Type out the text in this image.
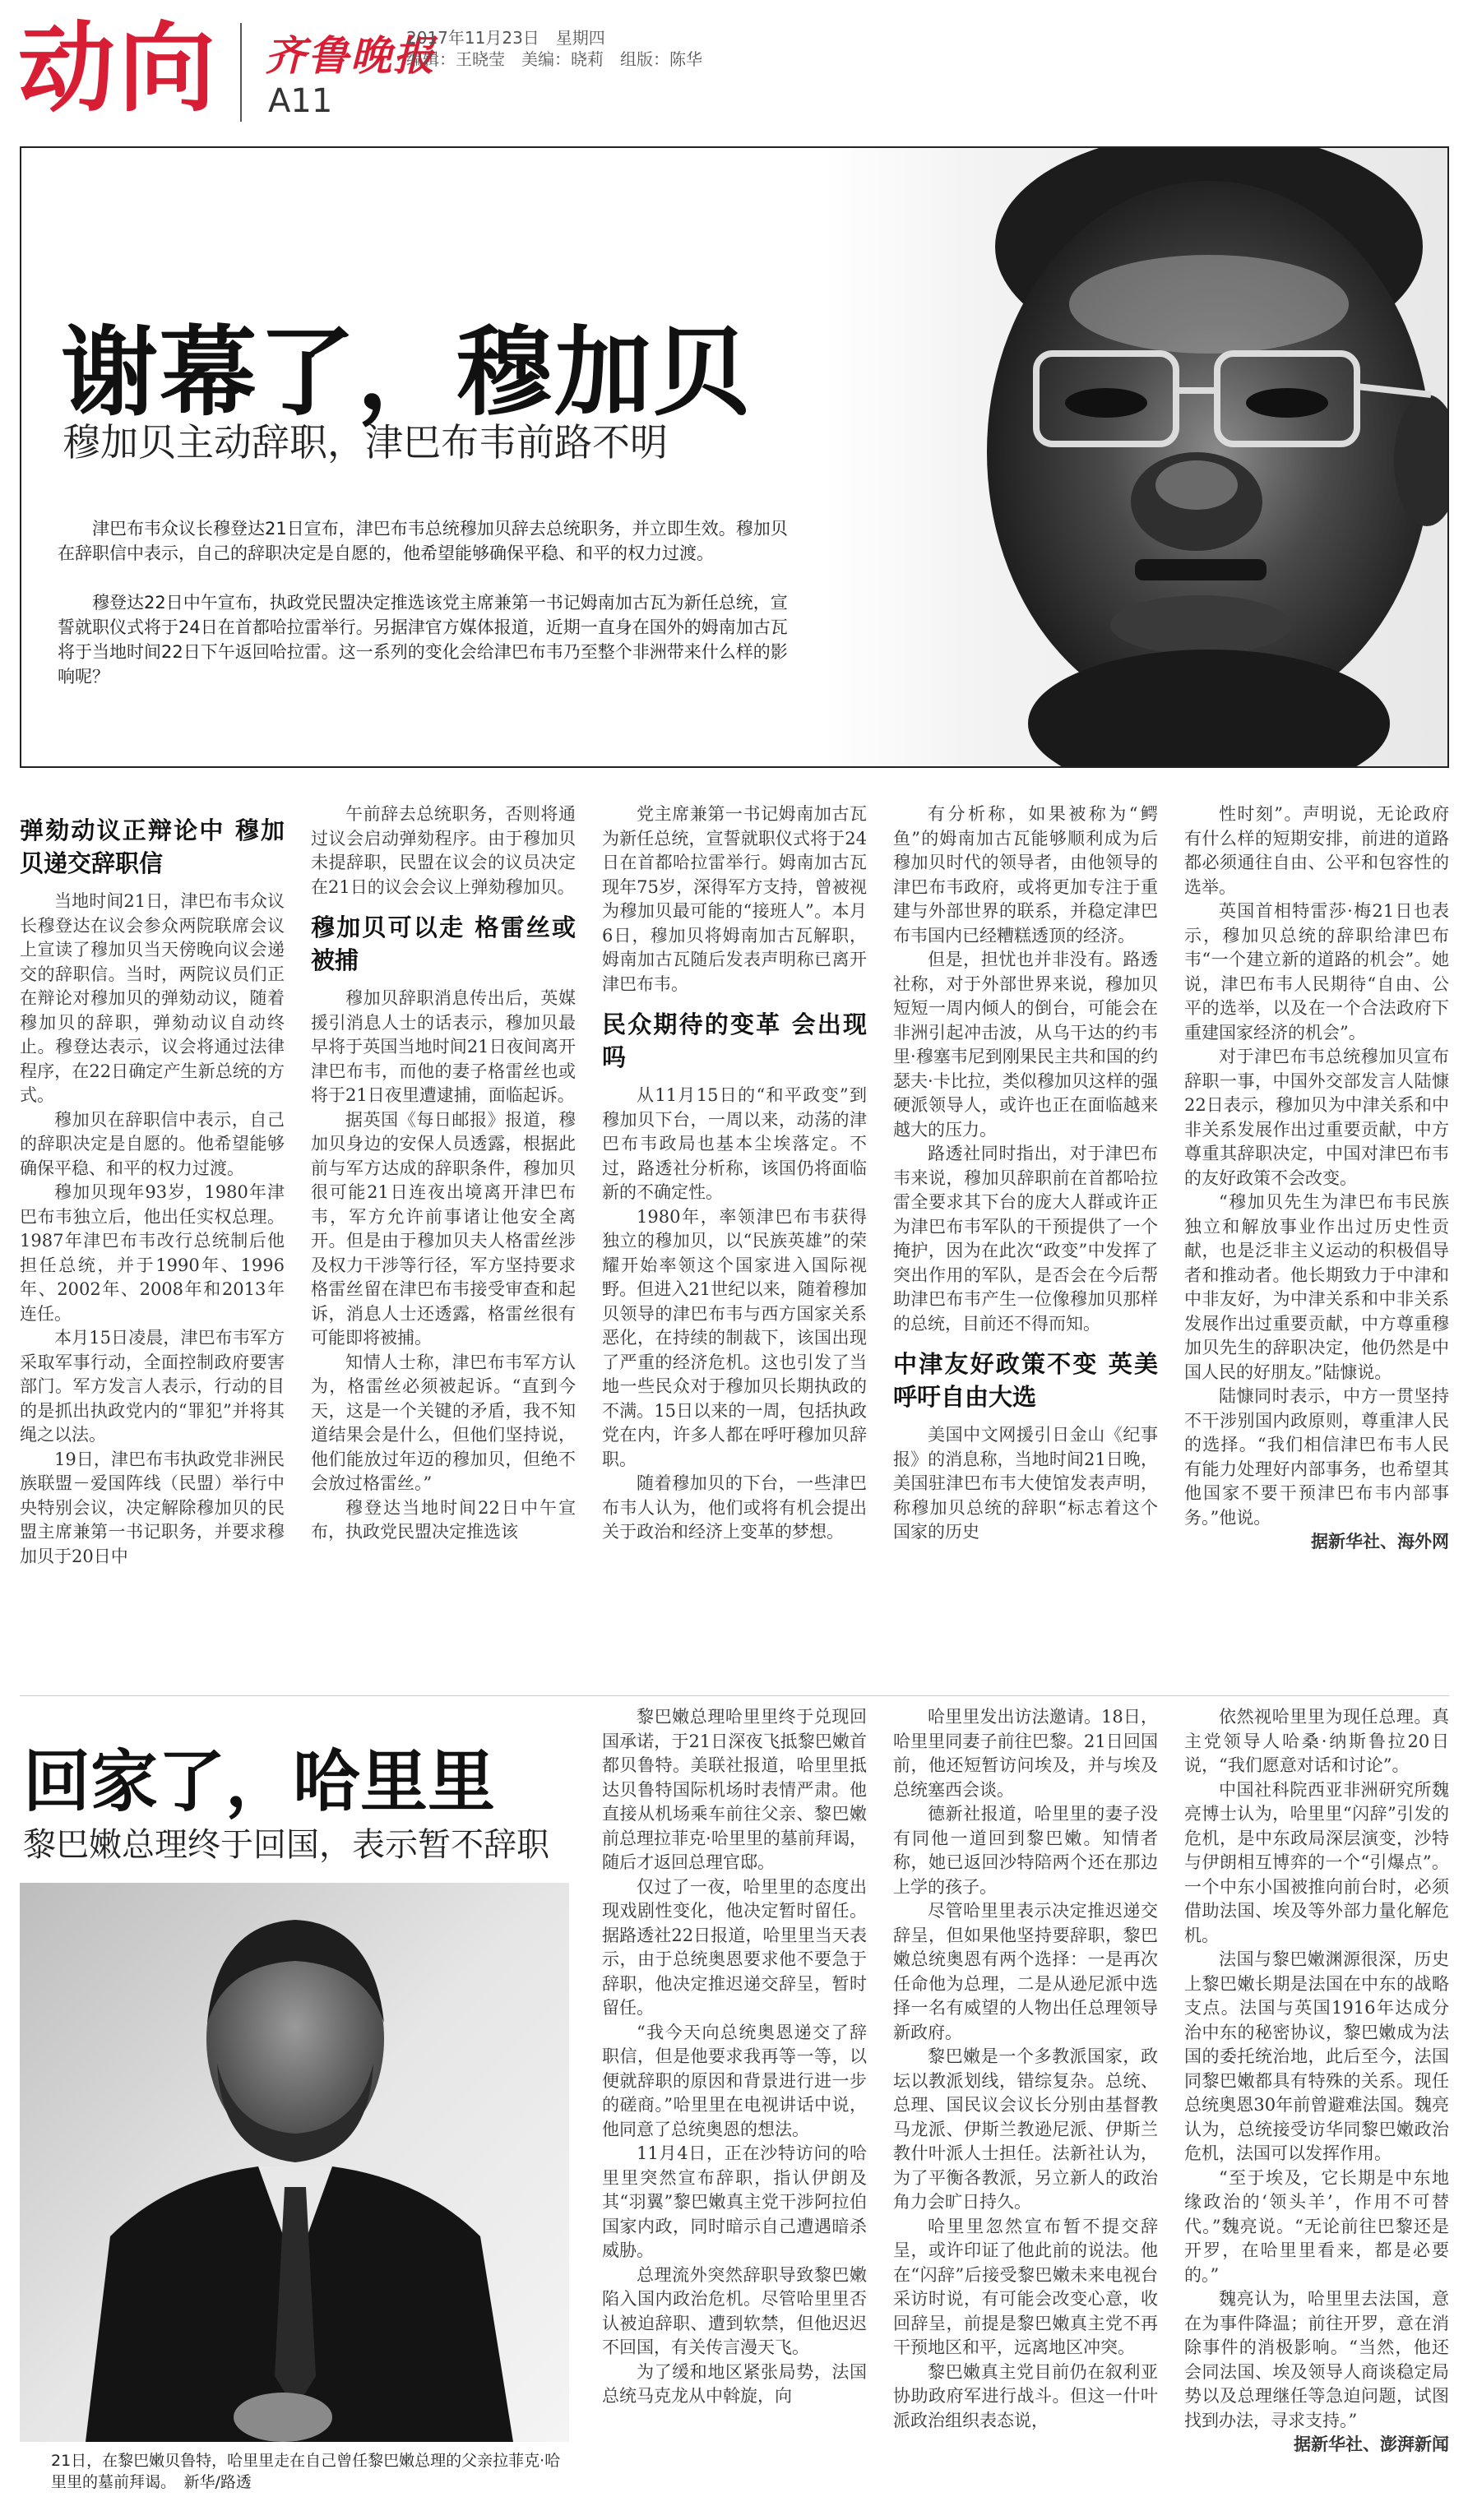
动向 齐鲁晚报
2017年11月23日　星期四
编辑：王晓莹　美编：晓莉　组版：陈华
A11
谢幕了，穆加贝
穆加贝主动辞职，津巴布韦前路不明

津巴布韦众议长穆登达21日宣布，津巴布韦总统穆加贝辞去总统职务，并立即生效。穆加贝在辞职信中表示，自己的辞职决定是自愿的，他希望能够确保平稳、和平的权力过渡。

穆登达22日中午宣布，执政党民盟决定推选该党主席兼第一书记姆南加古瓦为新任总统，宣誓就职仪式将于24日在首都哈拉雷举行。另据津官方媒体报道，近期一直身在国外的姆南加古瓦将于当地时间22日下午返回哈拉雷。这一系列的变化会给津巴布韦乃至整个非洲带来什么样的影响呢？

弹劾动议正辩论中 穆加贝递交辞职信

当地时间21日，津巴布韦众议长穆登达在议会参众两院联席会议上宣读了穆加贝当天傍晚向议会递交的辞职信。当时，两院议员们正在辩论对穆加贝的弹劾动议，随着穆加贝的辞职，弹劾动议自动终止。穆登达表示，议会将通过法律程序，在22日确定产生新总统的方式。

穆加贝在辞职信中表示，自己的辞职决定是自愿的。他希望能够确保平稳、和平的权力过渡。

穆加贝现年93岁，1980年津巴布韦独立后，他出任实权总理。1987年津巴布韦改行总统制后他担任总统，并于1990年、1996年、2002年、2008年和2013年连任。

本月15日凌晨，津巴布韦军方采取军事行动，全面控制政府要害部门。军方发言人表示，行动的目的是抓出执政党内的“罪犯”并将其绳之以法。

19日，津巴布韦执政党非洲民族联盟－爱国阵线（民盟）举行中央特别会议，决定解除穆加贝的民盟主席兼第一书记职务，并要求穆加贝于20日中

午前辞去总统职务，否则将通过议会启动弹劾程序。由于穆加贝未提辞职，民盟在议会的议员决定在21日的议会会议上弹劾穆加贝。

穆加贝可以走 格雷丝或被捕

穆加贝辞职消息传出后，英媒援引消息人士的话表示，穆加贝最早将于英国当地时间21日夜间离开津巴布韦，而他的妻子格雷丝也或将于21日夜里遭逮捕，面临起诉。

据英国《每日邮报》报道，穆加贝身边的安保人员透露，根据此前与军方达成的辞职条件，穆加贝很可能21日连夜出境离开津巴布韦，军方允许前事诸让他安全离开。但是由于穆加贝夫人格雷丝涉及权力干涉等行径，军方坚持要求格雷丝留在津巴布韦接受审查和起诉，消息人士还透露，格雷丝很有可能即将被捕。

知情人士称，津巴布韦军方认为，格雷丝必须被起诉。“直到今天，这是一个关键的矛盾，我不知道结果会是什么，但他们坚持说，他们能放过年迈的穆加贝，但绝不会放过格雷丝。”

穆登达当地时间22日中午宣布，执政党民盟决定推选该

党主席兼第一书记姆南加古瓦为新任总统，宣誓就职仪式将于24日在首都哈拉雷举行。姆南加古瓦现年75岁，深得军方支持，曾被视为穆加贝最可能的“接班人”。本月6日，穆加贝将姆南加古瓦解职，姆南加古瓦随后发表声明称已离开津巴布韦。

民众期待的变革 会出现吗

从11月15日的“和平政变”到穆加贝下台，一周以来，动荡的津巴布韦政局也基本尘埃落定。不过，路透社分析称，该国仍将面临新的不确定性。

1980年，率领津巴布韦获得独立的穆加贝，以“民族英雄”的荣耀开始率领这个国家进入国际视野。但进入21世纪以来，随着穆加贝领导的津巴布韦与西方国家关系恶化，在持续的制裁下，该国出现了严重的经济危机。这也引发了当地一些民众对于穆加贝长期执政的不满。15日以来的一周，包括执政党在内，许多人都在呼吁穆加贝辞职。

随着穆加贝的下台，一些津巴布韦人认为，他们或将有机会提出关于政治和经济上变革的梦想。

有分析称，如果被称为“鳄鱼”的姆南加古瓦能够顺利成为后穆加贝时代的领导者，由他领导的津巴布韦政府，或将更加专注于重建与外部世界的联系，并稳定津巴布韦国内已经糟糕透顶的经济。

但是，担忧也并非没有。路透社称，对于外部世界来说，穆加贝短短一周内倾人的倒台，可能会在非洲引起冲击波，从乌干达的约韦里·穆塞韦尼到刚果民主共和国的约瑟夫·卡比拉，类似穆加贝这样的强硬派领导人，或许也正在面临越来越大的压力。

路透社同时指出，对于津巴布韦来说，穆加贝辞职前在首都哈拉雷全要求其下台的庞大人群或许正为津巴布韦军队的干预提供了一个掩护，因为在此次“政变”中发挥了突出作用的军队，是否会在今后帮助津巴布韦产生一位像穆加贝那样的总统，目前还不得而知。

中津友好政策不变 英美呼吁自由大选

美国中文网援引日金山《纪事报》的消息称，当地时间21日晚，美国驻津巴布韦大使馆发表声明，称穆加贝总统的辞职“标志着这个国家的历史

性时刻”。声明说，无论政府有什么样的短期安排，前进的道路都必须通往自由、公平和包容性的选举。

英国首相特雷莎·梅21日也表示，穆加贝总统的辞职给津巴布韦“一个建立新的道路的机会”。她说，津巴布韦人民期待“自由、公平的选举，以及在一个合法政府下重建国家经济的机会”。

对于津巴布韦总统穆加贝宣布辞职一事，中国外交部发言人陆慷22日表示，穆加贝为中津关系和中非关系发展作出过重要贡献，中方尊重其辞职决定，中国对津巴布韦的友好政策不会改变。

“穆加贝先生为津巴布韦民族独立和解放事业作出过历史性贡献，也是泛非主义运动的积极倡导者和推动者。他长期致力于中津和中非友好，为中津关系和中非关系发展作出过重要贡献，中方尊重穆加贝先生的辞职决定，他仍然是中国人民的好朋友。”陆慷说。

陆慷同时表示，中方一贯坚持不干涉别国内政原则，尊重津人民的选择。“我们相信津巴布韦人民有能力处理好内部事务，也希望其他国家不要干预津巴布韦内部事务。”他说。

据新华社、海外网

回家了，哈里里
黎巴嫩总理终于回国，表示暂不辞职
21日，在黎巴嫩贝鲁特，哈里里走在自己曾任黎巴嫩总理的父亲拉菲克·哈里里的墓前拜谒。　新华/路透

黎巴嫩总理哈里里终于兑现回国承诺，于21日深夜飞抵黎巴嫩首都贝鲁特。美联社报道，哈里里抵达贝鲁特国际机场时表情严肃。他直接从机场乘车前往父亲、黎巴嫩前总理拉菲克·哈里里的墓前拜谒，随后才返回总理官邸。

仅过了一夜，哈里里的态度出现戏剧性变化，他决定暂时留任。据路透社22日报道，哈里里当天表示，由于总统奥恩要求他不要急于辞职，他决定推迟递交辞呈，暂时留任。

“我今天向总统奥恩递交了辞职信，但是他要求我再等一等，以便就辞职的原因和背景进行进一步的磋商。”哈里里在电视讲话中说，他同意了总统奥恩的想法。

11月4日，正在沙特访问的哈里里突然宣布辞职，指认伊朗及其“羽翼”黎巴嫩真主党干涉阿拉伯国家内政，同时暗示自己遭遇暗杀威胁。

总理流外突然辞职导致黎巴嫩陷入国内政治危机。尽管哈里里否认被迫辞职、遭到软禁，但他迟迟不回国，有关传言漫天飞。

为了缓和地区紧张局势，法国总统马克龙从中斡旋，向

哈里里发出访法邀请。18日，哈里里同妻子前往巴黎。21日回国前，他还短暂访问埃及，并与埃及总统塞西会谈。

德新社报道，哈里里的妻子没有同他一道回到黎巴嫩。知情者称，她已返回沙特陪两个还在那边上学的孩子。

尽管哈里里表示决定推迟递交辞呈，但如果他坚持要辞职，黎巴嫩总统奥恩有两个选择：一是再次任命他为总理，二是从逊尼派中选择一名有威望的人物出任总理领导新政府。

黎巴嫩是一个多教派国家，政坛以教派划线，错综复杂。总统、总理、国民议会议长分别由基督教马龙派、伊斯兰教逊尼派、伊斯兰教什叶派人士担任。法新社认为，为了平衡各教派，另立新人的政治角力会旷日持久。

哈里里忽然宣布暂不提交辞呈，或许印证了他此前的说法。他在“闪辞”后接受黎巴嫩未来电视台采访时说，有可能会改变心意，收回辞呈，前提是黎巴嫩真主党不再干预地区和平，远离地区冲突。

黎巴嫩真主党目前仍在叙利亚协助政府军进行战斗。但这一什叶派政治组织表态说，

依然视哈里里为现任总理。真主党领导人哈桑·纳斯鲁拉20日说，“我们愿意对话和讨论”。

中国社科院西亚非洲研究所魏亮博士认为，哈里里“闪辞”引发的危机，是中东政局深层演变，沙特与伊朗相互博弈的一个“引爆点”。一个中东小国被推向前台时，必须借助法国、埃及等外部力量化解危机。

法国与黎巴嫩渊源很深，历史上黎巴嫩长期是法国在中东的战略支点。法国与英国1916年达成分治中东的秘密协议，黎巴嫩成为法国的委托统治地，此后至今，法国同黎巴嫩都具有特殊的关系。现任总统奥恩30年前曾避难法国。魏亮认为，总统接受访华同黎巴嫩政治危机，法国可以发挥作用。

“至于埃及，它长期是中东地缘政治的‘领头羊’，作用不可替代。”魏亮说。“无论前往巴黎还是开罗，在哈里里看来，都是必要的。”

魏亮认为，哈里里去法国，意在为事件降温；前往开罗，意在消除事件的消极影响。“当然，他还会同法国、埃及领导人商谈稳定局势以及总理继任等急迫问题，试图找到办法，寻求支持。”

据新华社、澎湃新闻
